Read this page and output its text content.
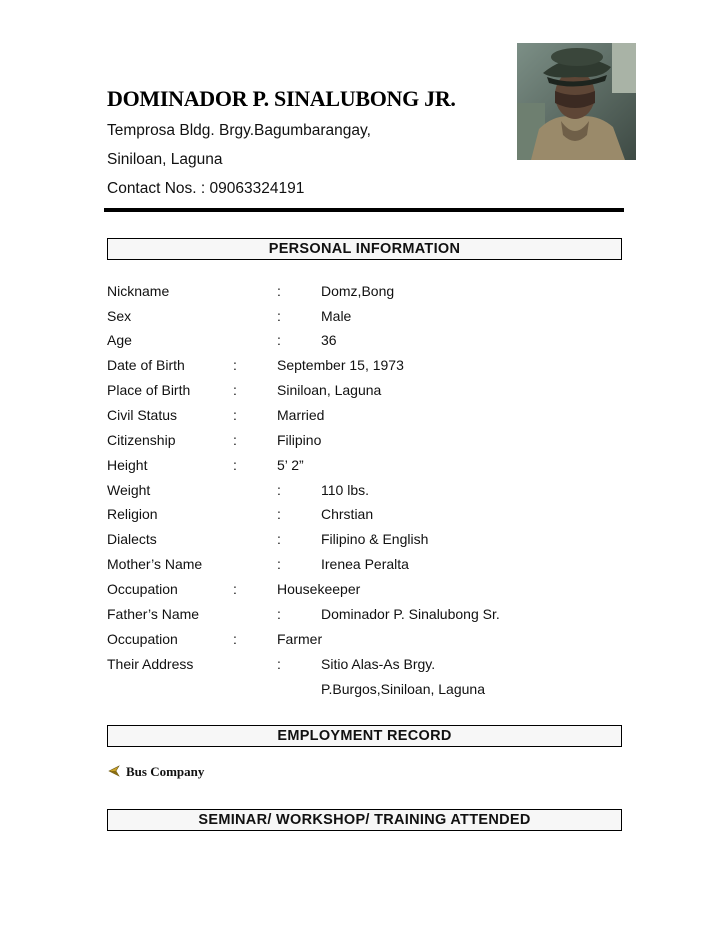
DOMINADOR P. SINALUBONG JR.
Temprosa Bldg. Brgy.Bagumbarangay,
Siniloan, Laguna
Contact Nos. : 09063324191
PERSONAL INFORMATION
Nickname	:	Domz,Bong
Sex	:	Male
Age	:	36
Date of Birth	:	September 15, 1973
Place of Birth	:	Siniloan, Laguna
Civil Status	:	Married
Citizenship	:	Filipino
Height	:	5’ 2”
Weight	:	110 lbs.
Religion	:	Chrstian
Dialects	:	Filipino & English
Mother’s Name	:	Irenea Peralta
Occupation	:	Housekeeper
Father’s Name	:	Dominador P. Sinalubong Sr.
Occupation	:	Farmer
Their Address	:	Sitio Alas-As Brgy.
P.Burgos,Siniloan, Laguna
EMPLOYMENT RECORD
Bus Company
SEMINAR/ WORKSHOP/ TRAINING ATTENDED
